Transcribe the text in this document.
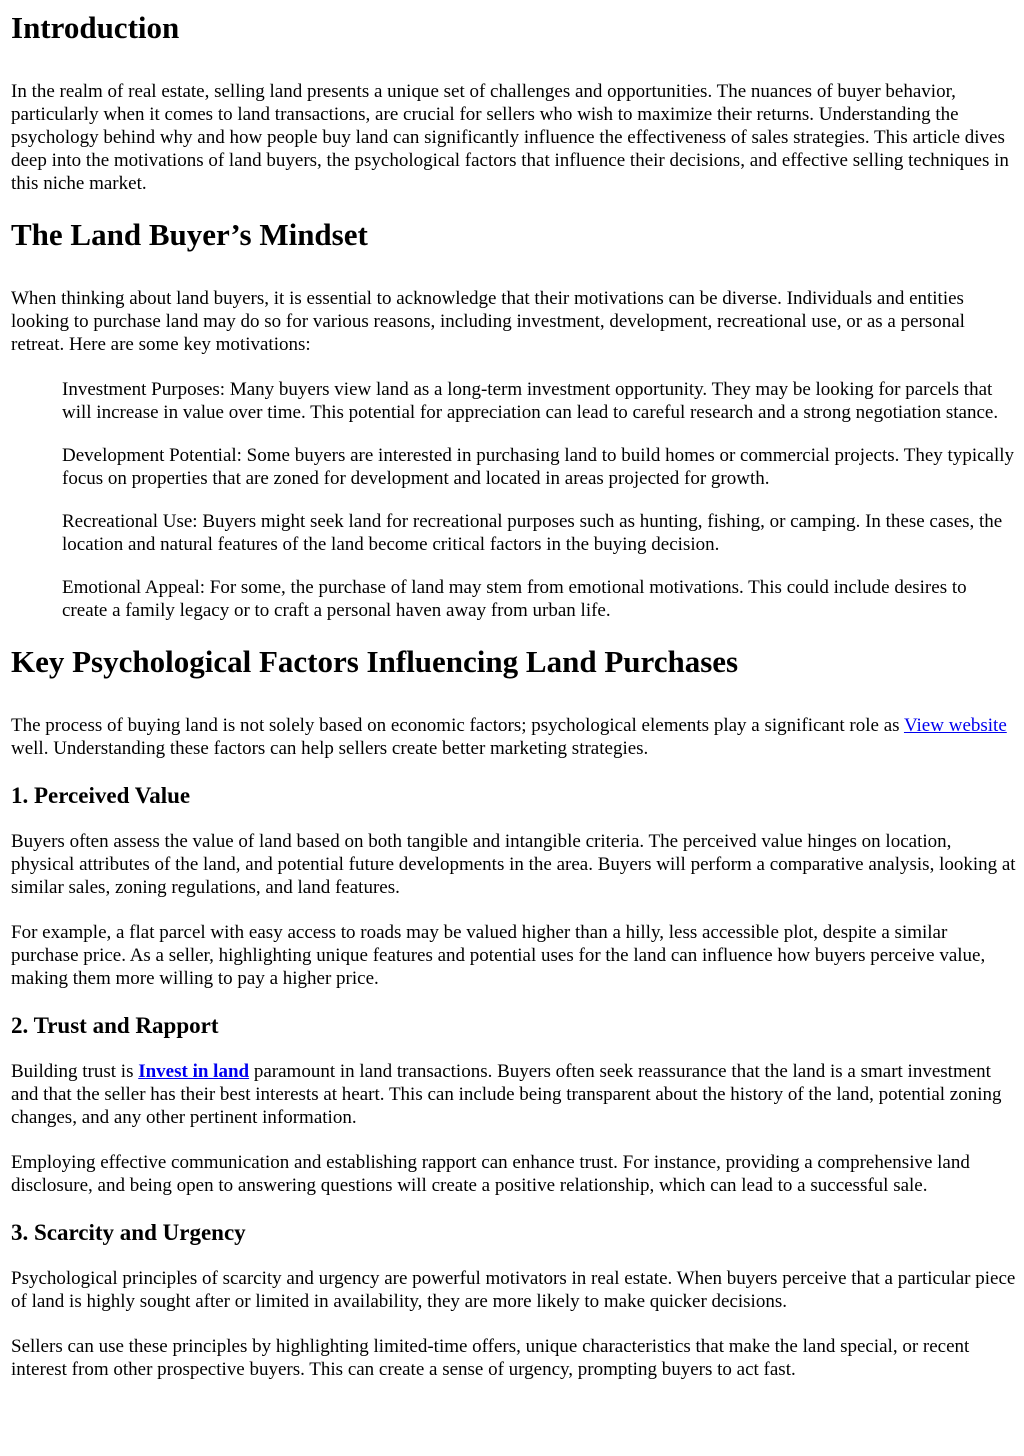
Introduction

In the realm of real estate, selling land presents a unique set of challenges and opportunities. The nuances of buyer behavior, particularly when it comes to land transactions, are crucial for sellers who wish to maximize their returns. Understanding the psychology behind why and how people buy land can significantly influence the effectiveness of sales strategies. This article dives deep into the motivations of land buyers, the psychological factors that influence their decisions, and effective selling techniques in this niche market.

The Land Buyer’s Mindset

When thinking about land buyers, it is essential to acknowledge that their motivations can be diverse. Individuals and entities looking to purchase land may do so for various reasons, including investment, development, recreational use, or as a personal retreat. Here are some key motivations:

Investment Purposes: Many buyers view land as a long-term investment opportunity. They may be looking for parcels that will increase in value over time. This potential for appreciation can lead to careful research and a strong negotiation stance.
Development Potential: Some buyers are interested in purchasing land to build homes or commercial projects. They typically focus on properties that are zoned for development and located in areas projected for growth.
Recreational Use: Buyers might seek land for recreational purposes such as hunting, fishing, or camping. In these cases, the location and natural features of the land become critical factors in the buying decision.
Emotional Appeal: For some, the purchase of land may stem from emotional motivations. This could include desires to create a family legacy or to craft a personal haven away from urban life.
Key Psychological Factors Influencing Land Purchases

The process of buying land is not solely based on economic factors; psychological elements play a significant role as View website well. Understanding these factors can help sellers create better marketing strategies.

1. Perceived Value

Buyers often assess the value of land based on both tangible and intangible criteria. The perceived value hinges on location, physical attributes of the land, and potential future developments in the area. Buyers will perform a comparative analysis, looking at similar sales, zoning regulations, and land features.

For example, a flat parcel with easy access to roads may be valued higher than a hilly, less accessible plot, despite a similar purchase price. As a seller, highlighting unique features and potential uses for the land can influence how buyers perceive value, making them more willing to pay a higher price.

2. Trust and Rapport

Building trust is Invest in land paramount in land transactions. Buyers often seek reassurance that the land is a smart investment and that the seller has their best interests at heart. This can include being transparent about the history of the land, potential zoning changes, and any other pertinent information.

Employing effective communication and establishing rapport can enhance trust. For instance, providing a comprehensive land disclosure, and being open to answering questions will create a positive relationship, which can lead to a successful sale.

3. Scarcity and Urgency

Psychological principles of scarcity and urgency are powerful motivators in real estate. When buyers perceive that a particular piece of land is highly sought after or limited in availability, they are more likely to make quicker decisions.

Sellers can use these principles by highlighting limited-time offers, unique characteristics that make the land special, or recent interest from other prospective buyers. This can create a sense of urgency, prompting buyers to act fast.
